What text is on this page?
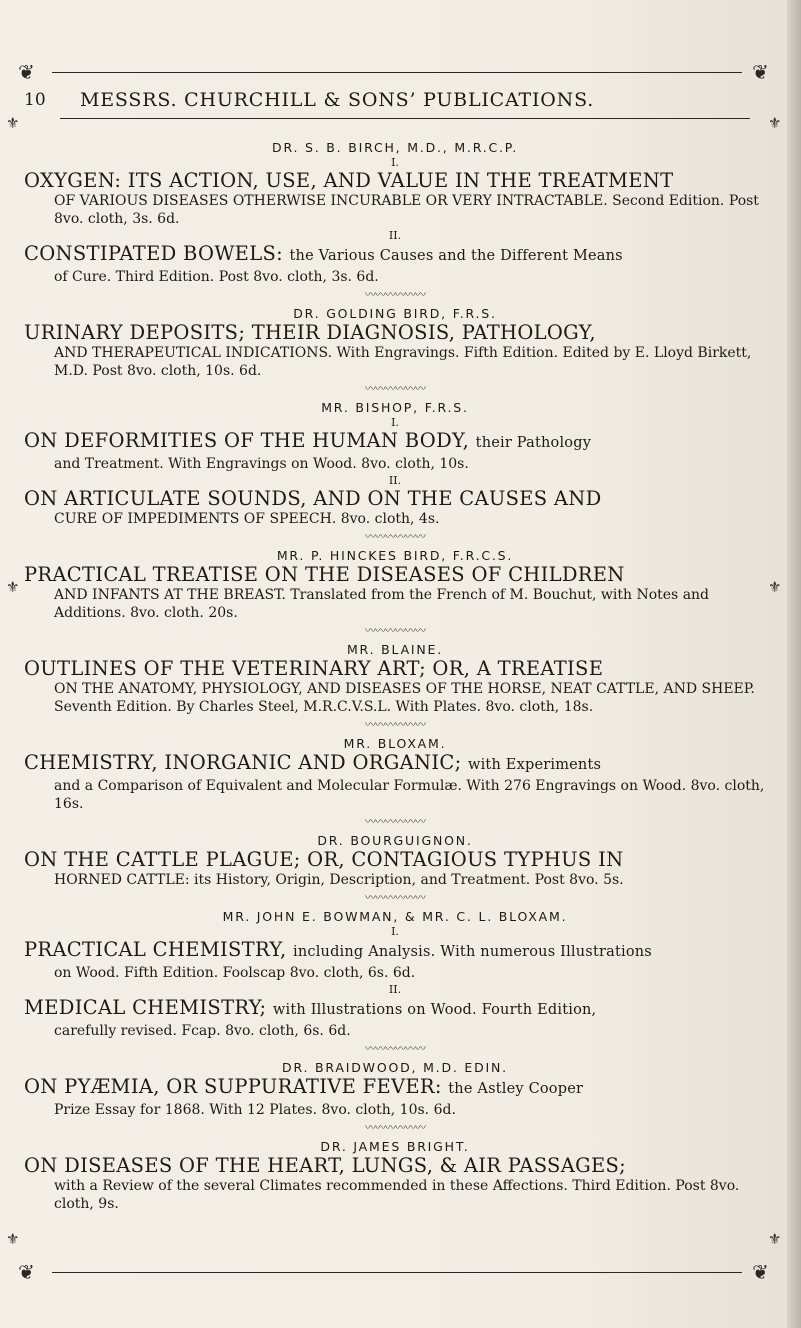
❦	❦
10 MESSRS. CHURCHILL & SONS’ PUBLICATIONS.
⚜	⚜
⚜	⚜
⚜	⚜

DR. S. B. BIRCH, M.D., M.R.C.P.

I.

OXYGEN: ITS ACTION, USE, AND VALUE IN THE TREATMENT

OF VARIOUS DISEASES OTHERWISE INCURABLE OR VERY INTRACTABLE. Second Edition. Post 8vo. cloth, 3s. 6d.

II.

CONSTIPATED BOWELS: the Various Causes and the Different Means

of Cure. Third Edition. Post 8vo. cloth, 3s. 6d.

〰〰〰〰〰〰

DR. GOLDING BIRD, F.R.S.

URINARY DEPOSITS; THEIR DIAGNOSIS, PATHOLOGY,

AND THERAPEUTICAL INDICATIONS. With Engravings. Fifth Edition. Edited by E. Lloyd Birkett, M.D. Post 8vo. cloth, 10s. 6d.

〰〰〰〰〰〰

MR. BISHOP, F.R.S.

I.

ON DEFORMITIES OF THE HUMAN BODY, their Pathology

and Treatment. With Engravings on Wood. 8vo. cloth, 10s.

II.

ON ARTICULATE SOUNDS, AND ON THE CAUSES AND

CURE OF IMPEDIMENTS OF SPEECH. 8vo. cloth, 4s.

〰〰〰〰〰〰

MR. P. HINCKES BIRD, F.R.C.S.

PRACTICAL TREATISE ON THE DISEASES OF CHILDREN

AND INFANTS AT THE BREAST. Translated from the French of M. Bouchut, with Notes and Additions. 8vo. cloth. 20s.

〰〰〰〰〰〰

MR. BLAINE.

OUTLINES OF THE VETERINARY ART; OR, A TREATISE

ON THE ANATOMY, PHYSIOLOGY, AND DISEASES OF THE HORSE, NEAT CATTLE, AND SHEEP. Seventh Edition. By Charles Steel, M.R.C.V.S.L. With Plates. 8vo. cloth, 18s.

〰〰〰〰〰〰

MR. BLOXAM.

CHEMISTRY, INORGANIC AND ORGANIC; with Experiments

and a Comparison of Equivalent and Molecular Formulæ. With 276 Engravings on Wood. 8vo. cloth, 16s.

〰〰〰〰〰〰

DR. BOURGUIGNON.

ON THE CATTLE PLAGUE; OR, CONTAGIOUS TYPHUS IN

HORNED CATTLE: its History, Origin, Description, and Treatment. Post 8vo. 5s.

〰〰〰〰〰〰

MR. JOHN E. BOWMAN, & MR. C. L. BLOXAM.

I.

PRACTICAL CHEMISTRY, including Analysis. With numerous Illustrations

on Wood. Fifth Edition. Foolscap 8vo. cloth, 6s. 6d.

II.

MEDICAL CHEMISTRY; with Illustrations on Wood. Fourth Edition,

carefully revised. Fcap. 8vo. cloth, 6s. 6d.

〰〰〰〰〰〰

DR. BRAIDWOOD, M.D. EDIN.

ON PYÆMIA, OR SUPPURATIVE FEVER: the Astley Cooper

Prize Essay for 1868. With 12 Plates. 8vo. cloth, 10s. 6d.

〰〰〰〰〰〰

DR. JAMES BRIGHT.

ON DISEASES OF THE HEART, LUNGS, & AIR PASSAGES;

with a Review of the several Climates recommended in these Affections. Third Edition. Post 8vo. cloth, 9s.

❦	❦
